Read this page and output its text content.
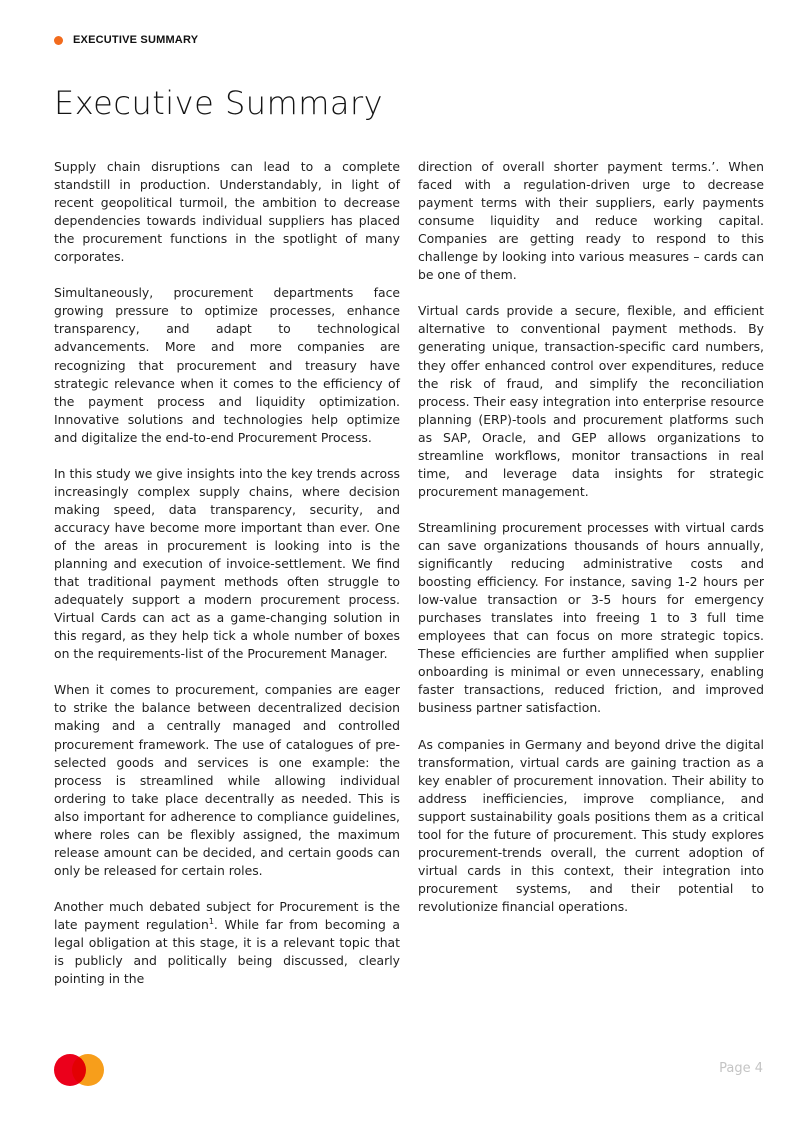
EXECUTIVE SUMMARY
Executive Summary

Supply chain disruptions can lead to a complete standstill in production. Understandably, in light of recent geopolitical turmoil, the ambition to decrease dependencies towards individual suppliers has placed the procurement functions in the spotlight of many corporates.

Simultaneously, procurement departments face growing pressure to optimize processes, enhance transparency, and adapt to technological advancements. More and more companies are recognizing that procurement and treasury have strategic relevance when it comes to the efficiency of the payment process and liquidity optimization. Innovative solutions and technologies help optimize and digitalize the end-to-end Procurement Process.

In this study we give insights into the key trends across increasingly complex supply chains, where decision making speed, data transparency, security, and accuracy have become more important than ever. One of the areas in procurement is looking into is the planning and execution of invoice-settlement. We find that traditional payment methods often struggle to adequately support a modern procurement process. Virtual Cards can act as a game-changing solution in this regard, as they help tick a whole number of boxes on the requirements-list of the Procurement Manager.

When it comes to procurement, companies are eager to strike the balance between decentralized decision making and a centrally managed and controlled procurement framework. The use of catalogues of pre-selected goods and services is one example: the process is streamlined while allowing individual ordering to take place decentrally as needed. This is also important for adherence to compliance guidelines, where roles can be flexibly assigned, the maximum release amount can be decided, and certain goods can only be released for certain roles.

Another much debated subject for Procurement is the late payment regulation$^1$. While far from becoming a legal obligation at this stage, it is a relevant topic that is publicly and politically being discussed, clearly pointing in the

direction of overall shorter payment terms.’. When faced with a regulation-driven urge to decrease payment terms with their suppliers, early payments consume liquidity and reduce working capital. Companies are getting ready to respond to this challenge by looking into various measures – cards can be one of them.

Virtual cards provide a secure, flexible, and efficient alternative to conventional payment methods. By generating unique, transaction-specific card numbers, they offer enhanced control over expenditures, reduce the risk of fraud, and simplify the reconciliation process. Their easy integration into enterprise resource planning (ERP)-tools and procurement platforms such as SAP, Oracle, and GEP allows organizations to streamline workflows, monitor transactions in real time, and leverage data insights for strategic procurement management.

Streamlining procurement processes with virtual cards can save organizations thousands of hours annually, significantly reducing administrative costs and boosting efficiency. For instance, saving 1-2 hours per low-value transaction or 3-5 hours for emergency purchases translates into freeing 1 to 3 full time employees that can focus on more strategic topics. These efficiencies are further amplified when supplier onboarding is minimal or even unnecessary, enabling faster transactions, reduced friction, and improved business partner satisfaction.

As companies in Germany and beyond drive the digital transformation, virtual cards are gaining traction as a key enabler of procurement innovation. Their ability to address inefficiencies, improve compliance, and support sustainability goals positions them as a critical tool for the future of procurement. This study explores procurement-trends overall, the current adoption of virtual cards in this context, their integration into procurement systems, and their potential to revolutionize financial operations.

Page 4
